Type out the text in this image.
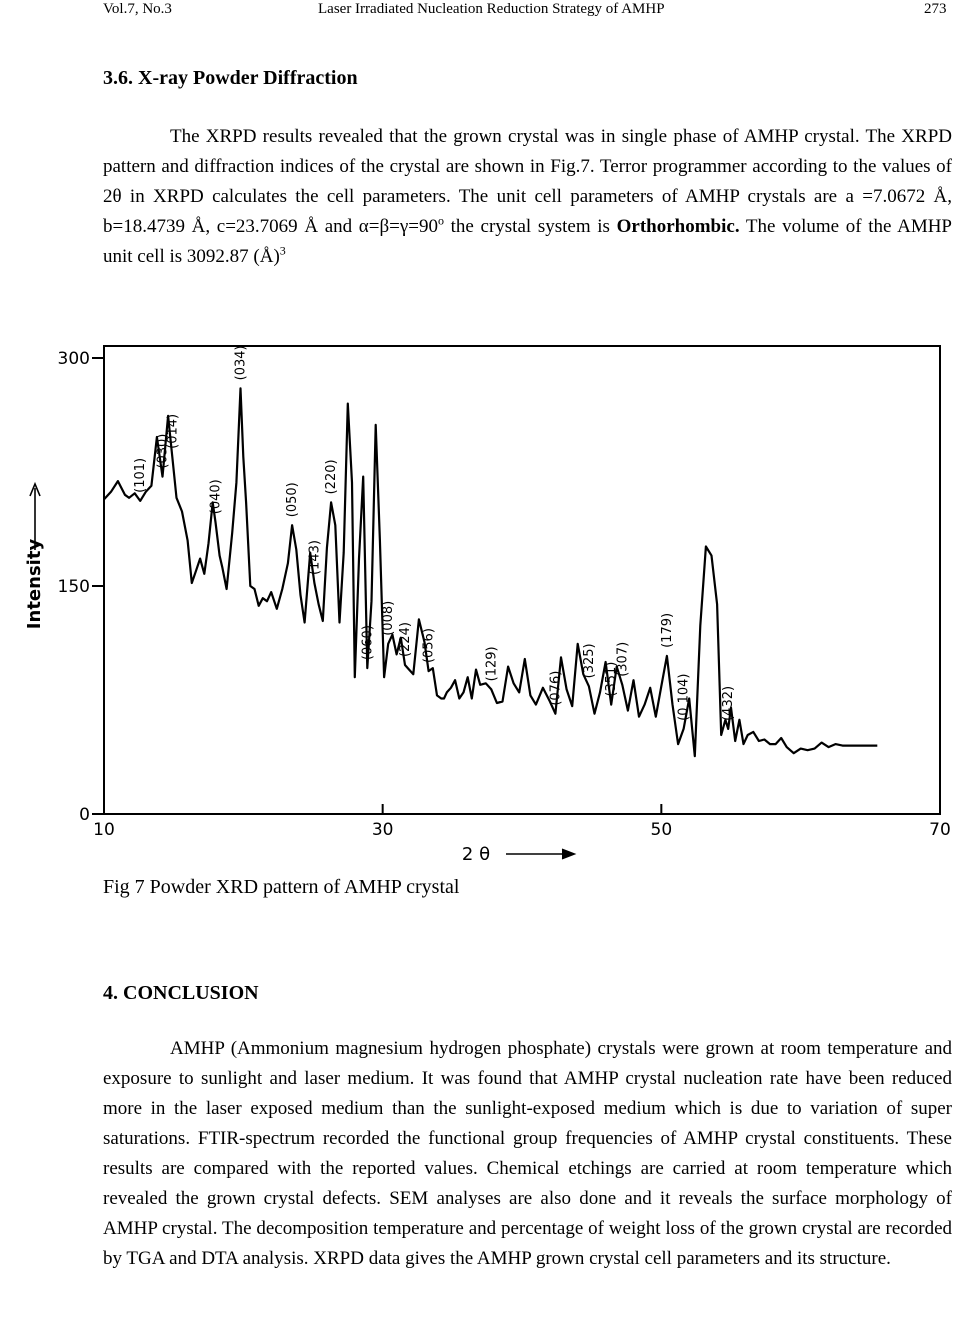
Vol.7, No.3	Laser Irradiated Nucleation Reduction Strategy of AMHP	273
3.6. X-ray Powder Diffraction

The XRPD results revealed that the grown crystal was in single phase of AMHP crystal. The XRPD pattern and diffraction indices of the crystal are shown in Fig.7. Terror programmer according to the values of 2θ in XRPD calculates the cell parameters. The unit cell parameters of AMHP crystals are a =7.0672 Å, b=18.4739 Å, c=23.7069 Å and $\alpha=\beta=\gamma=90^o$ the crystal system is Orthorhombic. The volume of the AMHP unit cell is 3092.87 (Å)$^3$

0
150
300
10	30	50	70
(101)
(030)
(014)
(040)
(034)
(050)
(143)
(220)
(060)
(008)
(224) (056)
(129)
(076)
(325)
(351)
(307)
(179)
(0 104) (432)
Intensity
2 θ
Fig 7 Powder XRD pattern of AMHP crystal
4. CONCLUSION

AMHP (Ammonium magnesium hydrogen phosphate) crystals were grown at room temperature and exposure to sunlight and laser medium. It was found that AMHP crystal nucleation rate have been reduced more in the laser exposed medium than the sunlight-exposed medium which is due to variation of super saturations. FTIR-spectrum recorded the functional group frequencies of AMHP crystal constituents. These results are compared with the reported values. Chemical etchings are carried at room temperature which revealed the grown crystal defects. SEM analyses are also done and it reveals the surface morphology of AMHP crystal. The decomposition temperature and percentage of weight loss of the grown crystal are recorded by TGA and DTA analysis. XRPD data gives the AMHP grown crystal cell parameters and its structure.
